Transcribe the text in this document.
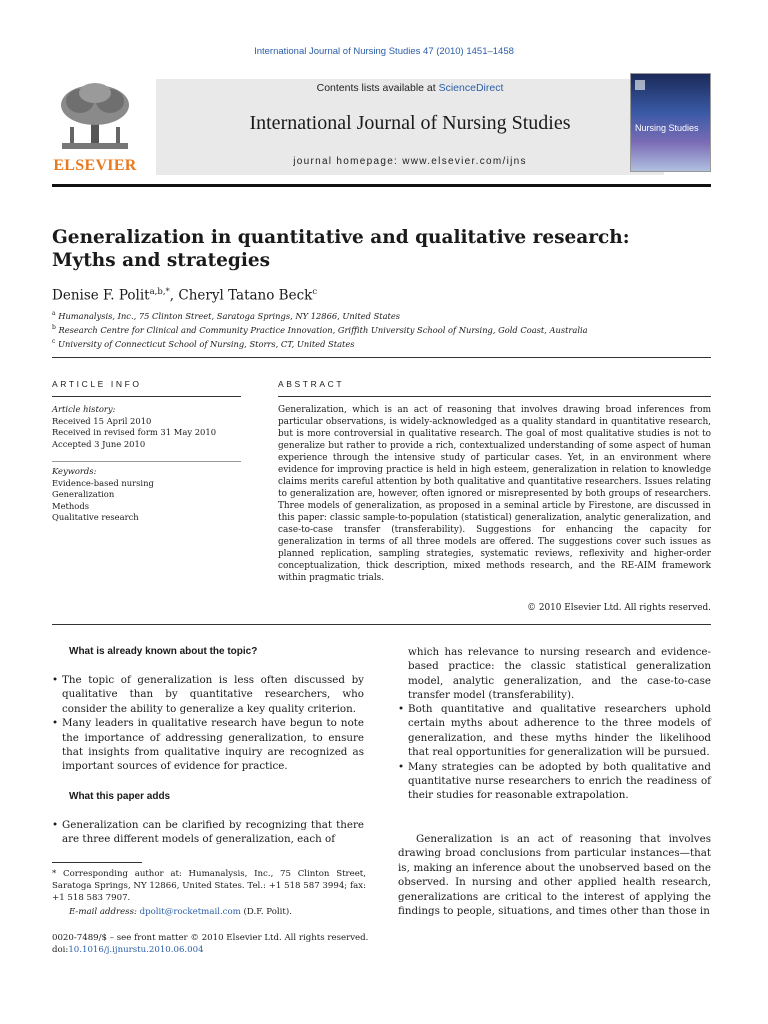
International Journal of Nursing Studies 47 (2010) 1451–1458
ELSEVIER
Contents lists available at ScienceDirect
International Journal of Nursing Studies
journal homepage: www.elsevier.com/ijns
Nursing Studies
Generalization in quantitative and qualitative research:
Myths and strategies
Denise F. Polit$^{a,b,*}$, Cheryl Tatano Beck$^c$
$^a$ Humanalysis, Inc., 75 Clinton Street, Saratoga Springs, NY 12866, United States
$^b$ Research Centre for Clinical and Community Practice Innovation, Griffith University School of Nursing, Gold Coast, Australia
$^c$ University of Connecticut School of Nursing, Storrs, CT, United States
ARTICLE INFO	ABSTRACT
Article history:
Received 15 April 2010
Received in revised form 31 May 2010
Accepted 3 June 2010
Keywords:
Evidence-based nursing
Generalization
Methods
Qualitative research

Generalization, which is an act of reasoning that involves drawing broad inferences from particular observations, is widely-acknowledged as a quality standard in quantitative research, but is more controversial in qualitative research. The goal of most qualitative studies is not to generalize but rather to provide a rich, contextualized understanding of some aspect of human experience through the intensive study of particular cases. Yet, in an environment where evidence for improving practice is held in high esteem, generalization in relation to knowledge claims merits careful attention by both qualitative and quantitative researchers. Issues relating to generalization are, however, often ignored or misrepresented by both groups of researchers. Three models of generalization, as proposed in a seminal article by Firestone, are discussed in this paper: classic sample-to-population (statistical) generalization, analytic generalization, and case-to-case transfer (transferability). Suggestions for enhancing the capacity for generalization in terms of all three models are offered. The suggestions cover such issues as planned replication, sampling strategies, systematic reviews, reflexivity and higher-order conceptualization, thick description, mixed methods research, and the RE-AIM framework within pragmatic trials.

© 2010 Elsevier Ltd. All rights reserved.
What is already known about the topic?
• The topic of generalization is less often discussed by qualitative than by quantitative researchers, who consider the ability to generalize a key quality criterion.
• Many leaders in qualitative research have begun to note the importance of addressing generalization, to ensure that insights from qualitative inquiry are recognized as important sources of evidence for practice.
What this paper adds
• Generalization can be clarified by recognizing that there are three different models of generalization, each of
which has relevance to nursing research and evidence-based practice: the classic statistical generalization model, analytic generalization, and the case-to-case transfer model (transferability).
• Both quantitative and qualitative researchers uphold certain myths about adherence to the three models of generalization, and these myths hinder the likelihood that real opportunities for generalization will be pursued.
• Many strategies can be adopted by both qualitative and quantitative nurse researchers to enrich the readiness of their studies for reasonable extrapolation.

Generalization is an act of reasoning that involves drawing broad conclusions from particular instances—that is, making an inference about the unobserved based on the observed. In nursing and other applied health research, generalizations are critical to the interest of applying the findings to people, situations, and times other than those in

* Corresponding author at: Humanalysis, Inc., 75 Clinton Street, Saratoga Springs, NY 12866, United States. Tel.: +1 518 587 3994; fax: +1 518 583 7907.

E-mail address: dpolit@rocketmail.com (D.F. Polit).
0020-7489/$ – see front matter © 2010 Elsevier Ltd. All rights reserved.
doi:10.1016/j.ijnurstu.2010.06.004
